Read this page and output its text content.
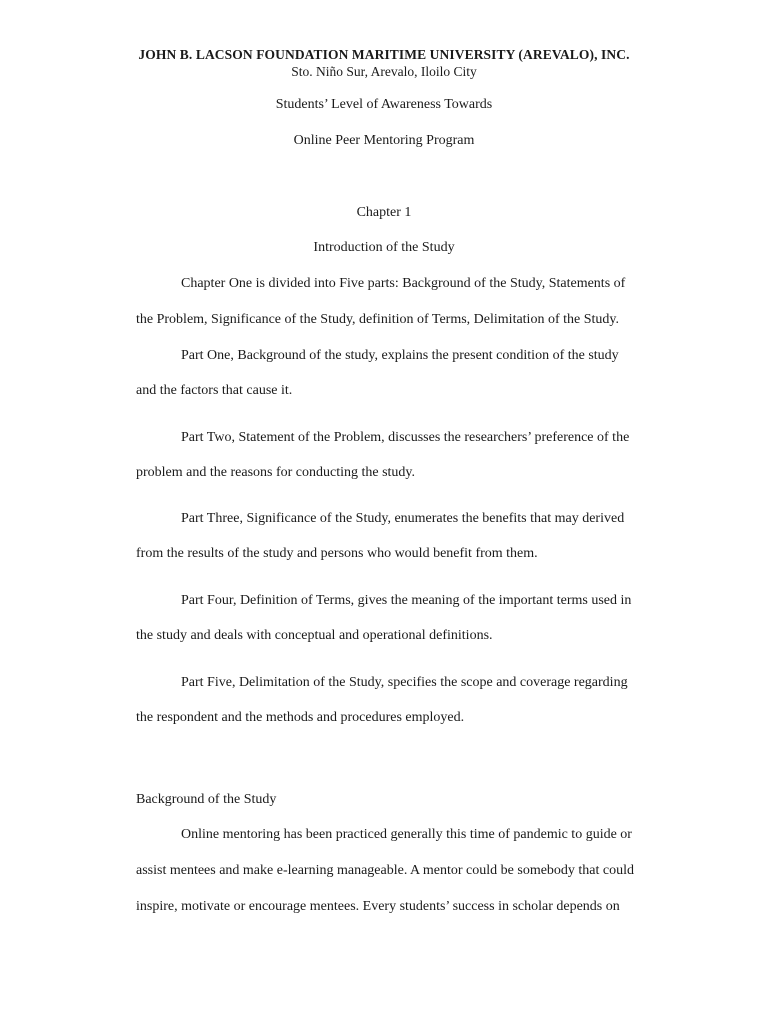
JOHN B. LACSON FOUNDATION MARITIME UNIVERSITY (AREVALO), INC.
Sto. Niño Sur, Arevalo, Iloilo City
Students’ Level of Awareness Towards
Online Peer Mentoring Program
Chapter 1
Introduction of the Study
Chapter One is divided into Five parts: Background of the Study, Statements of
the Problem, Significance of the Study, definition of Terms, Delimitation of the Study.
Part One, Background of the study, explains the present condition of the study
and the factors that cause it.
Part Two, Statement of the Problem, discusses the researchers’ preference of the
problem and the reasons for conducting the study.
Part Three, Significance of the Study, enumerates the benefits that may derived
from the results of the study and persons who would benefit from them.
Part Four, Definition of Terms, gives the meaning of the important terms used in
the study and deals with conceptual and operational definitions.
Part Five, Delimitation of the Study, specifies the scope and coverage regarding
the respondent and the methods and procedures employed.
Background of the Study
Online mentoring has been practiced generally this time of pandemic to guide or
assist mentees and make e-learning manageable. A mentor could be somebody that could
inspire, motivate or encourage mentees. Every students’ success in scholar depends on
